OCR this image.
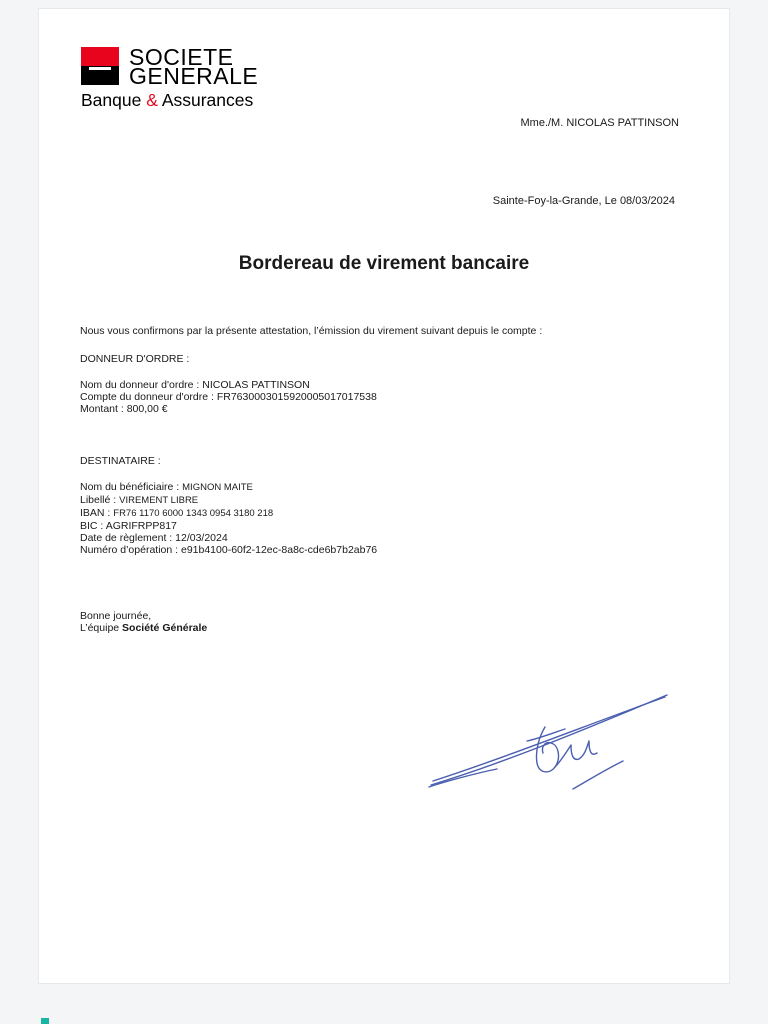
SOCIETE
GENERALE
Banque & Assurances
Mme./M. NICOLAS PATTINSON
Sainte-Foy-la-Grande, Le 08/03/2024
Bordereau de virement bancaire
Nous vous confirmons par la présente attestation, l’émission du virement suivant depuis le compte :
DONNEUR D'ORDRE :
Nom du donneur d'ordre : NICOLAS PATTINSON
Compte du donneur d'ordre : FR7630003015920005017017538
Montant : 800,00 €
DESTINATAIRE :
Nom du bénéficiaire : MIGNON MAITE
Libellé : VIREMENT LIBRE
IBAN : FR76 1170 6000 1343 0954 3180 218
BIC : AGRIFRPP817
Date de règlement : 12/03/2024
Numéro d’opération : e91b4100-60f2-12ec-8a8c-cde6b7b2ab76
Bonne journée,
L’équipe Société Générale
